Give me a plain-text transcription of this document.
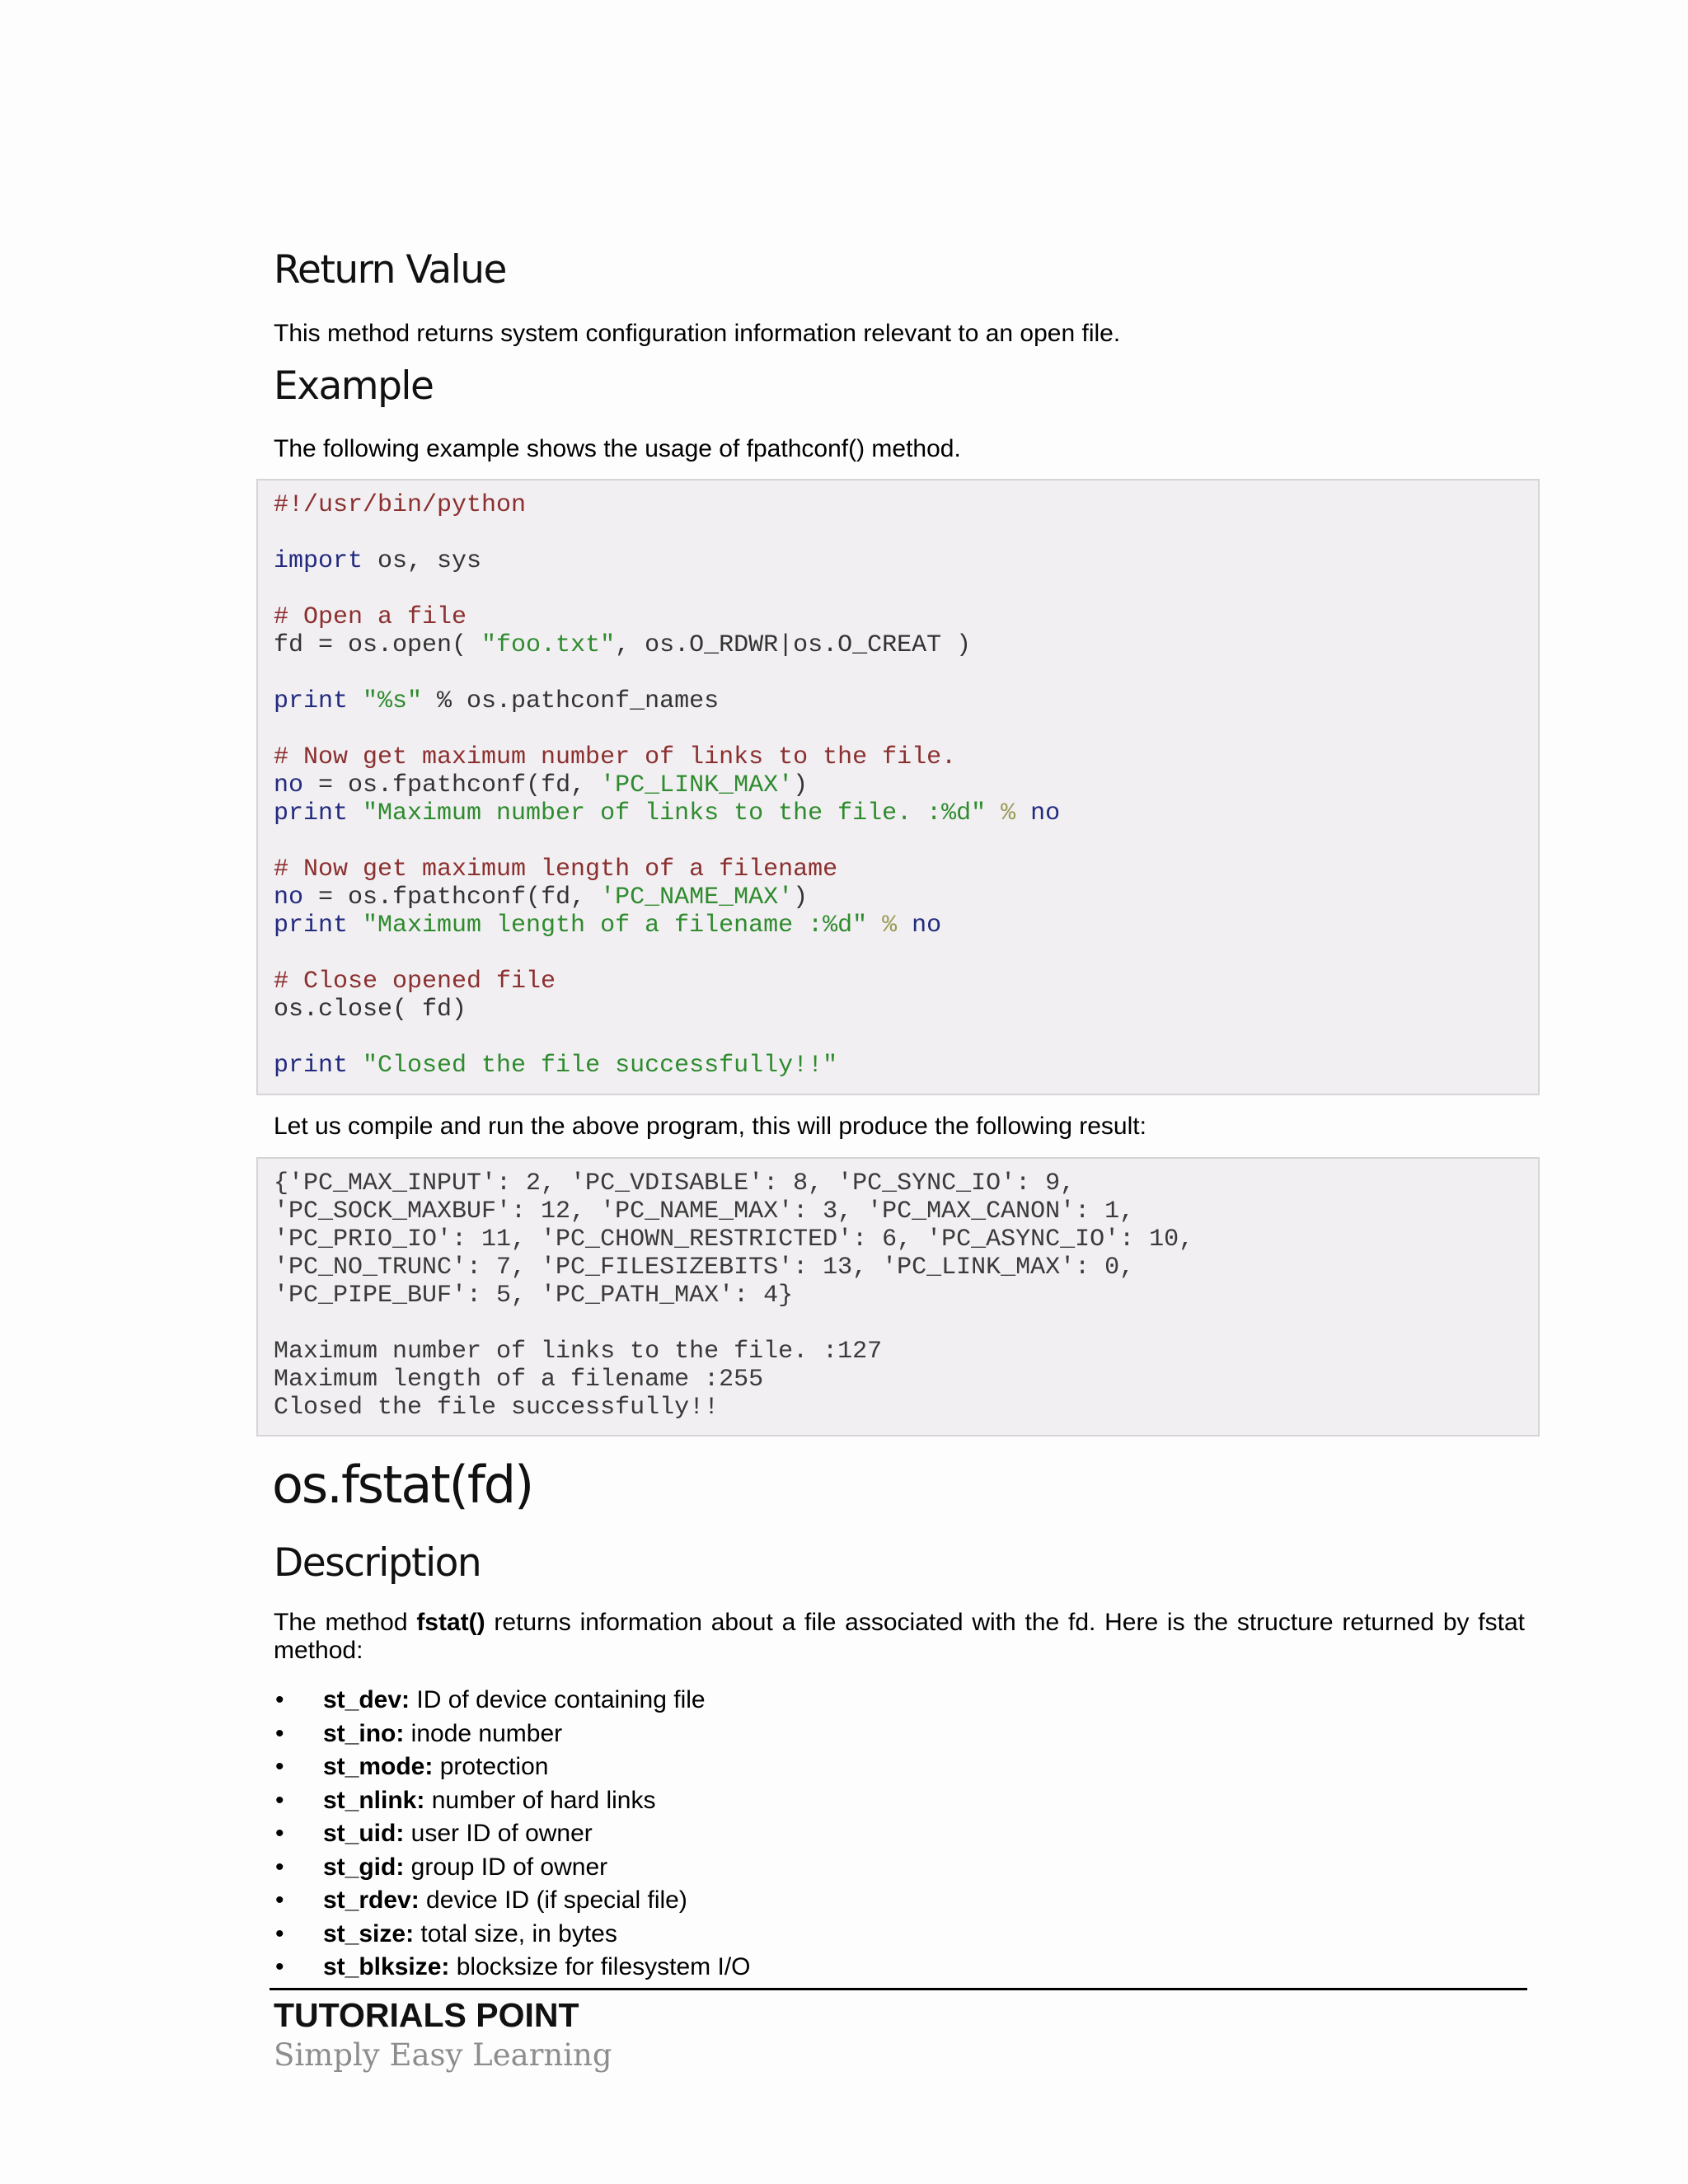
Return Value

This method returns system configuration information relevant to an open file.

Example

The following example shows the usage of fpathconf() method.

#!/usr/bin/python

import os, sys

# Open a file
fd = os.open( "foo.txt", os.O_RDWR|os.O_CREAT )

print "%s" % os.pathconf_names

# Now get maximum number of links to the file.
no = os.fpathconf(fd, 'PC_LINK_MAX')
print "Maximum number of links to the file. :%d" % no

# Now get maximum length of a filename
no = os.fpathconf(fd, 'PC_NAME_MAX')
print "Maximum length of a filename :%d" % no

# Close opened file
os.close( fd)

print "Closed the file successfully!!"

Let us compile and run the above program, this will produce the following result:

{'PC_MAX_INPUT': 2, 'PC_VDISABLE': 8, 'PC_SYNC_IO': 9,
'PC_SOCK_MAXBUF': 12, 'PC_NAME_MAX': 3, 'PC_MAX_CANON': 1,
'PC_PRIO_IO': 11, 'PC_CHOWN_RESTRICTED': 6, 'PC_ASYNC_IO': 10,
'PC_NO_TRUNC': 7, 'PC_FILESIZEBITS': 13, 'PC_LINK_MAX': 0,
'PC_PIPE_BUF': 5, 'PC_PATH_MAX': 4}

Maximum number of links to the file. :127
Maximum length of a filename :255
Closed the file successfully!!
os.fstat(fd)
Description

The method fstat() returns information about a file associated with the fd. Here is the structure returned by fstat method:

• st_dev: ID of device containing file
• st_ino: inode number
• st_mode: protection
• st_nlink: number of hard links
• st_uid: user ID of owner
• st_gid: group ID of owner
• st_rdev: device ID (if special file)
• st_size: total size, in bytes
• st_blksize: blocksize for filesystem I/O
TUTORIALS POINT
Simply Easy Learning
